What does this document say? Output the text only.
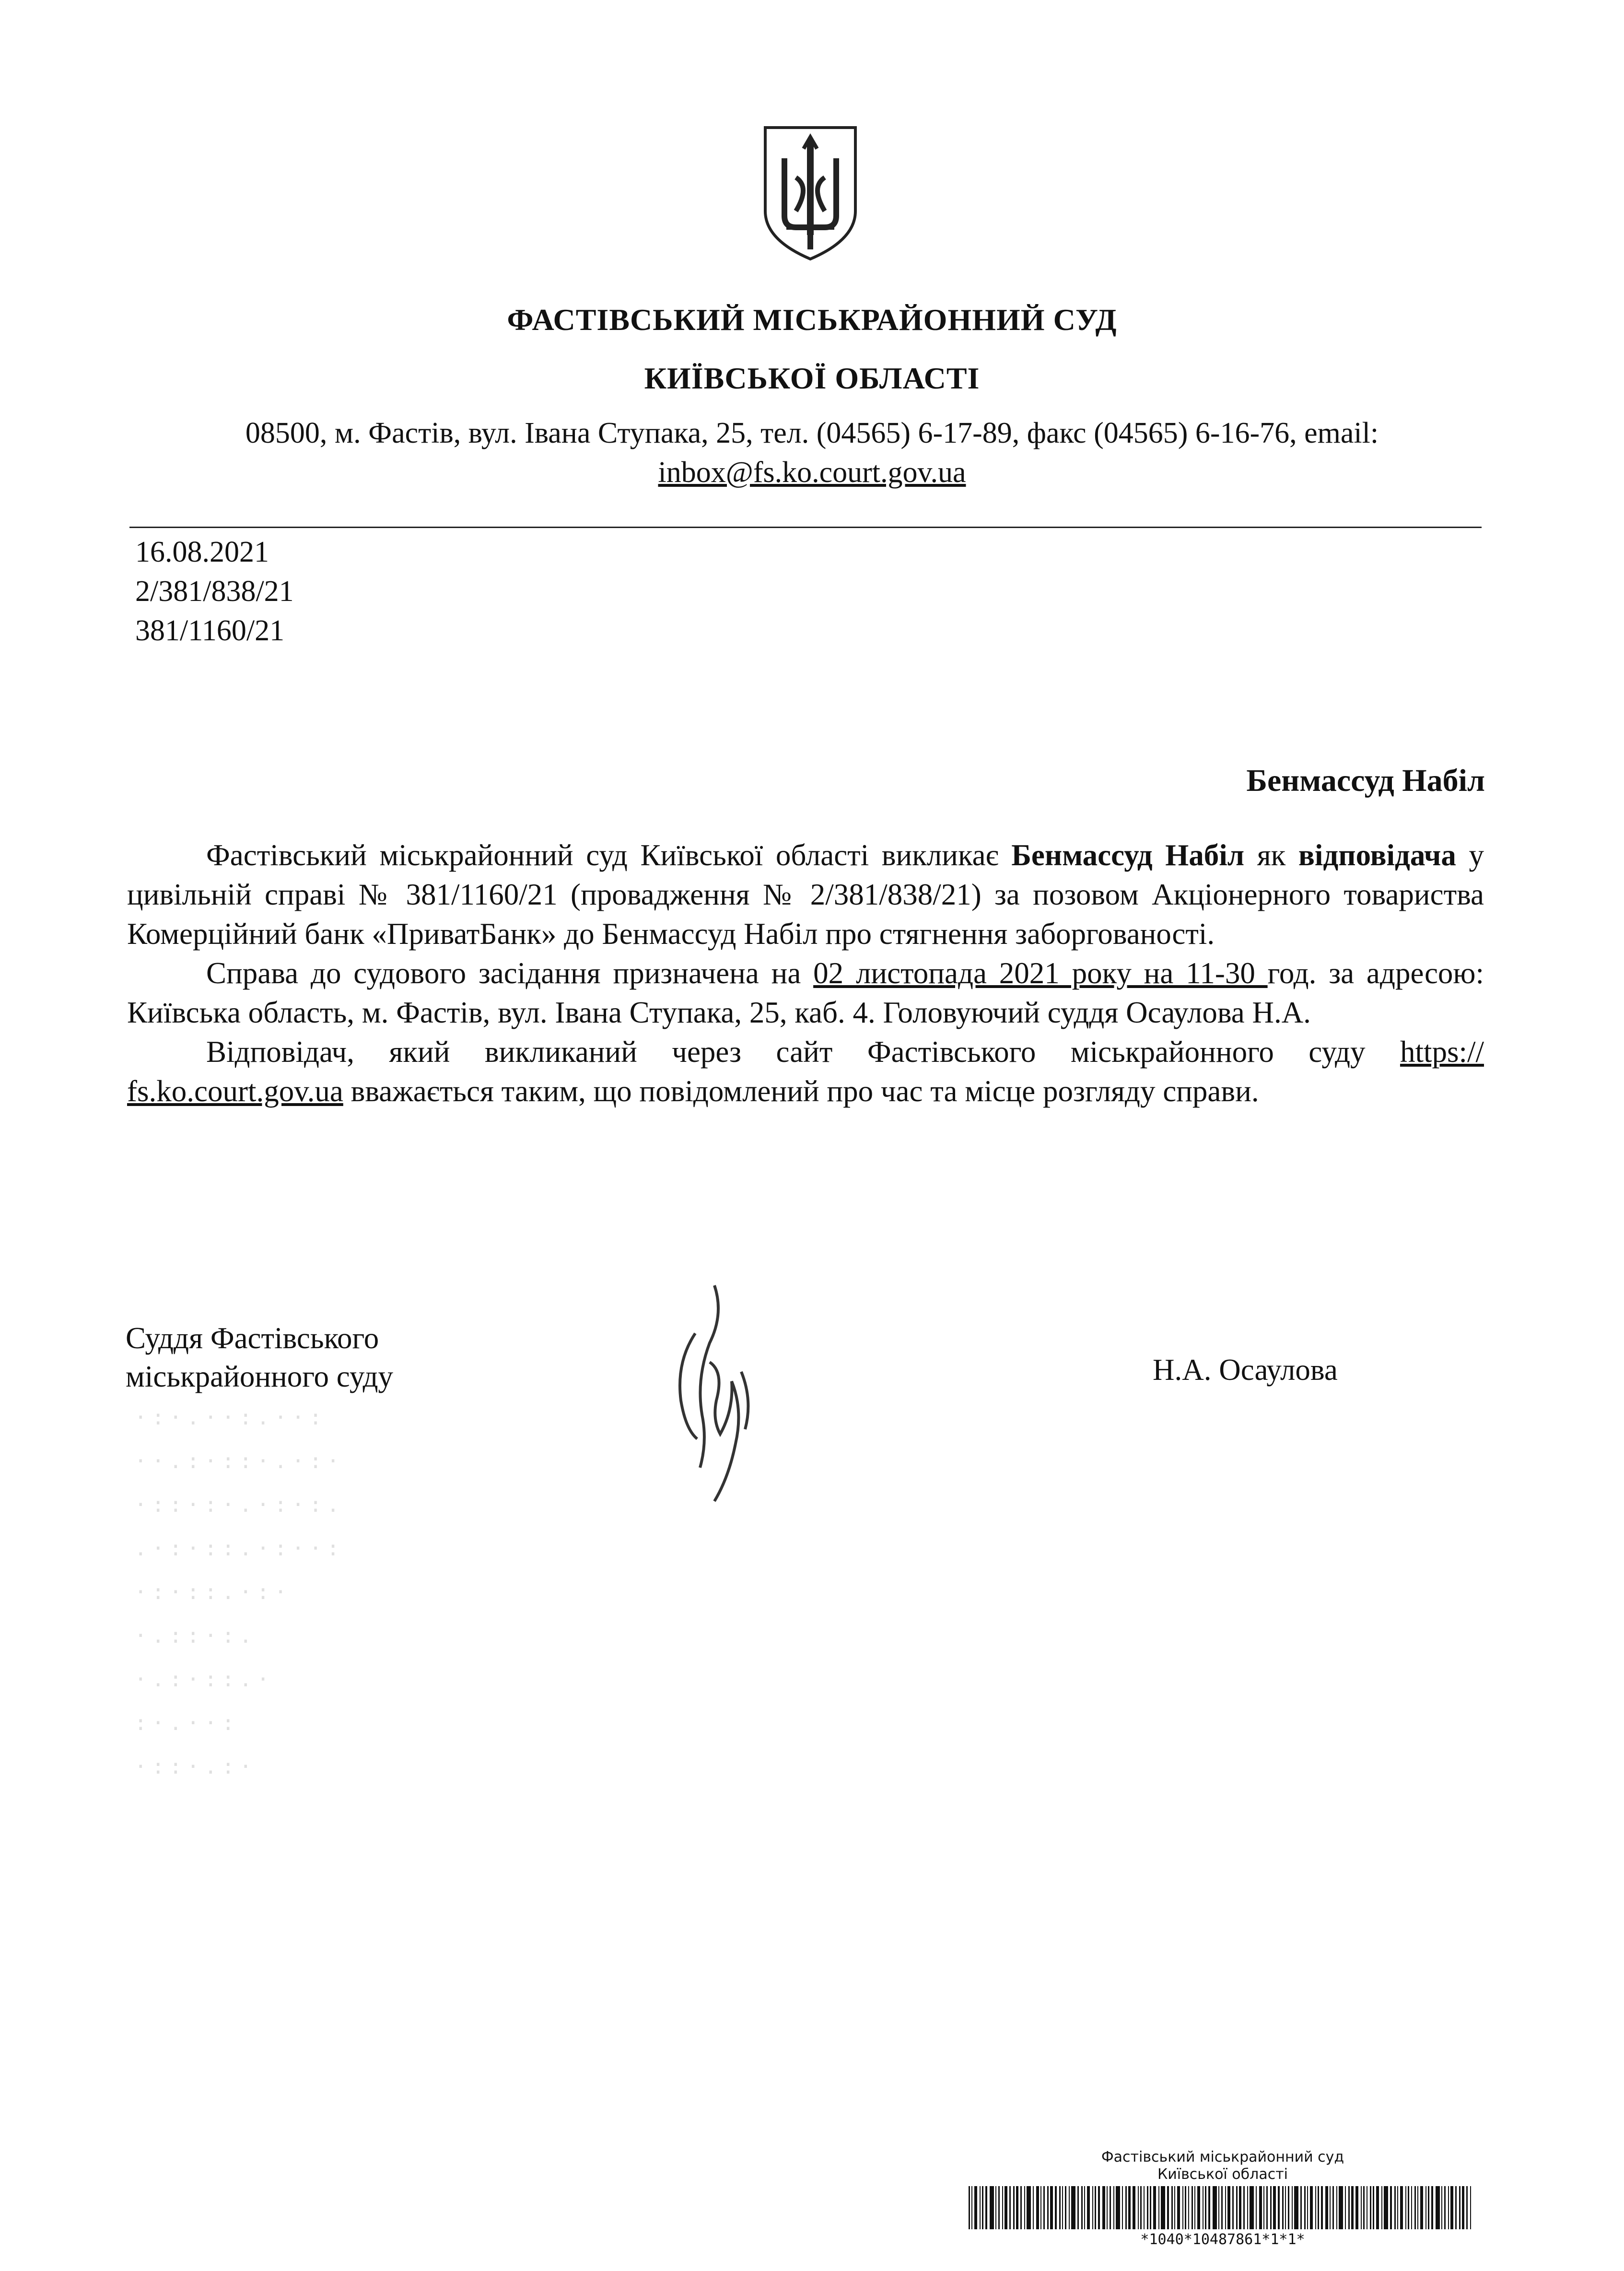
ФАСТІВСЬКИЙ МІСЬКРАЙОННИЙ СУД
КИЇВСЬКОЇ ОБЛАСТІ
08500, м. Фастів, вул. Івана Ступака, 25, тел. (04565) 6-17-89, факс (04565) 6-16-76, email:
inbox@fs.ko.court.gov.ua
16.08.2021
2/381/838/21
381/1160/21
Бенмассуд Набіл

Фастівський міськрайонний суд Київської області викликає Бенмассуд Набіл як відповідача у цивільній справі № 381/1160/21 (провадження № 2/381/838/21) за позовом Акціонерного товариства Комерційний банк «ПриватБанк» до Бенмассуд Набіл про стягнення заборгованості.

Справа до судового засідання призначена на 02 листопада 2021 року на 11-30 год. за адресою: Київська область, м. Фастів, вул. Івана Ступака, 25, каб. 4. Головуючий суддя Осаулова Н.А.

Відповідач, який викликаний через сайт Фастівського міськрайонного суду https:// fs.ko.court.gov.ua вважається таким, що повідомлений про час та місце розгляду справи.

Суддя Фастівського
міськрайонного суду	Н.А. Осаулова
·:·.··:.··:
··.:·::·.·:·
·::·:·.·:·:.
.·:·::.·:··:
·:·::.·:·
·.::·:.
·.:·::.·
:·.··:
·::·.:·
Фастівський міськрайонний суд
Київської області
*1040*10487861*1*1*
